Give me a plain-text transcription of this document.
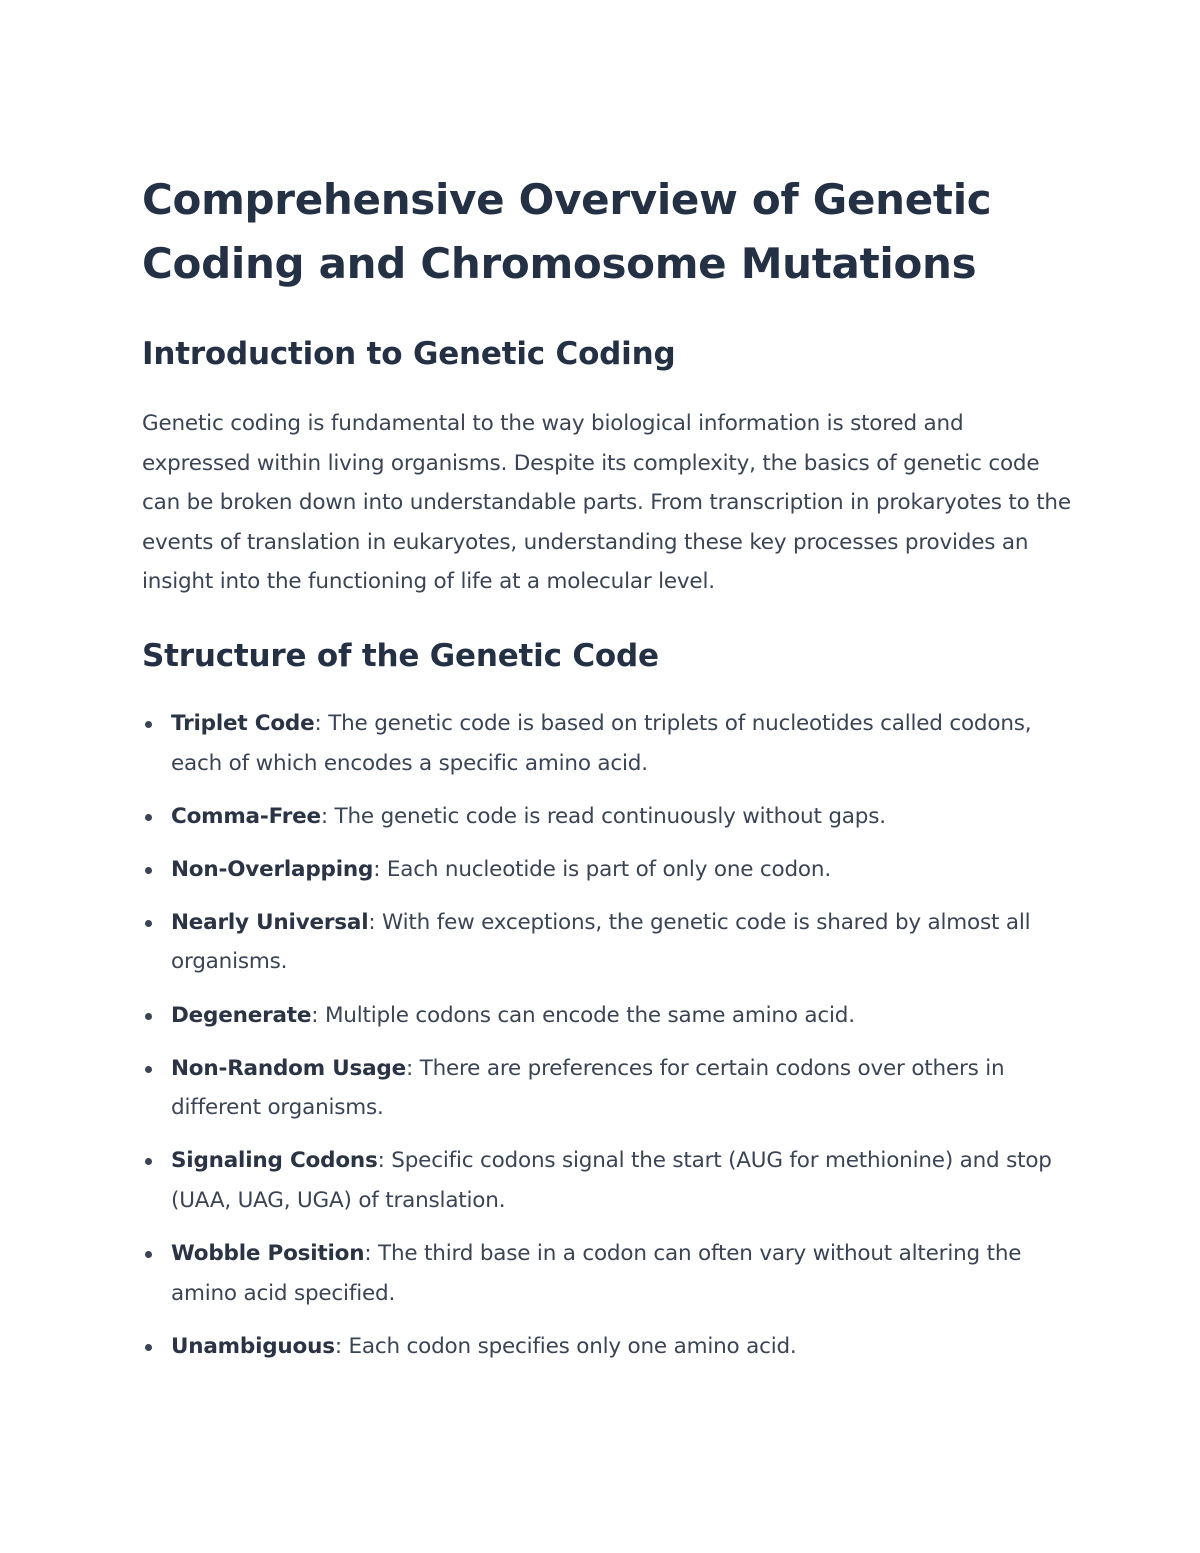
Comprehensive Overview of Genetic Coding and Chromosome Mutations
Introduction to Genetic Coding

Genetic coding is fundamental to the way biological information is stored and expressed within living organisms. Despite its complexity, the basics of genetic code can be broken down into understandable parts. From transcription in prokaryotes to the events of translation in eukaryotes, understanding these key processes provides an insight into the functioning of life at a molecular level.

Structure of the Genetic Code
Triplet Code: The genetic code is based on triplets of nucleotides called codons, each of which encodes a specific amino acid.
Comma-Free: The genetic code is read continuously without gaps.
Non-Overlapping: Each nucleotide is part of only one codon.
Nearly Universal: With few exceptions, the genetic code is shared by almost all organisms.
Degenerate: Multiple codons can encode the same amino acid.
Non-Random Usage: There are preferences for certain codons over others in different organisms.
Signaling Codons: Specific codons signal the start (AUG for methionine) and stop (UAA, UAG, UGA) of translation.
Wobble Position: The third base in a codon can often vary without altering the amino acid specified.
Unambiguous: Each codon specifies only one amino acid.
